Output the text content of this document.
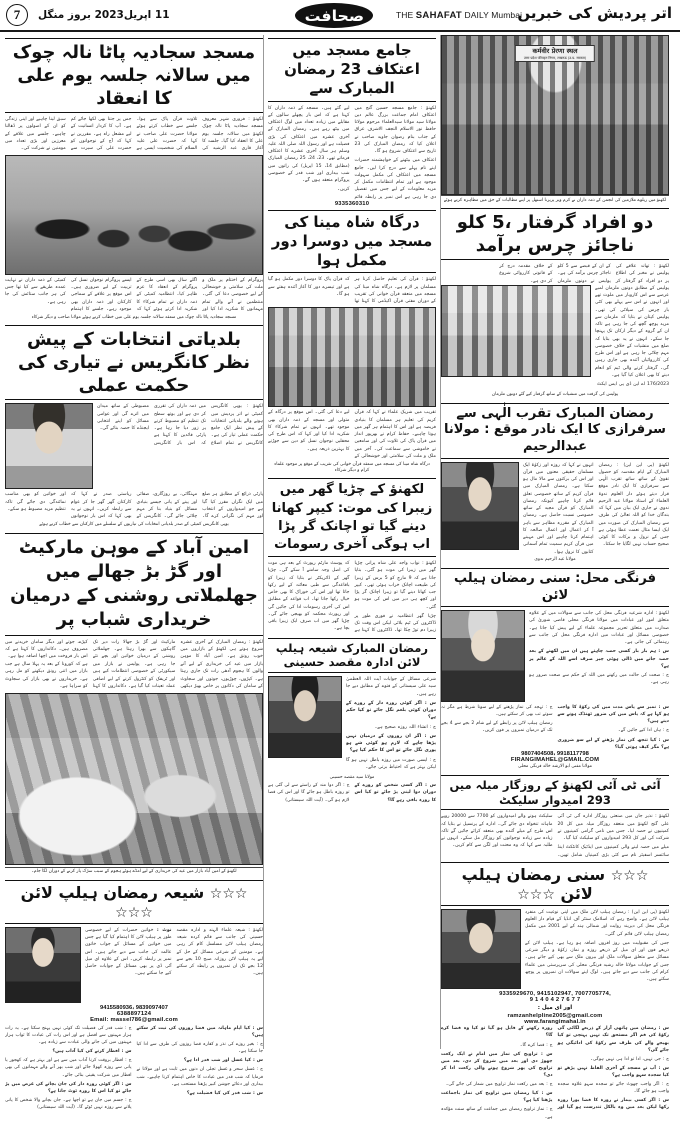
7	11 اپریل2023 بروز منگل	صحافت	THE SAHAFAT DAILY Mumbai
اتر پردیش کی خبریں
مسجد سجادیہ پاٹا نالہ چوک میں سالانہ جلسہ یوم علی کا انعقاد

لکھنؤ : فروری شہر معروف مسجد سجادیہ پاٹا نالہ چوک لکھنؤ میں سالانہ جلسہ یوم علی کا انعقاد کیا گیا۔ جلسہ کا آغاز قاری عبد الرشید کی تلاوت قرآن پاک سے ہوا۔ جلسے سے خطاب کرتے ہوئے مولانا حضرت علی صاحب نے کہا کہ حضرت علی علیہ السلام کی شخصیت ایسی ہے جس پر جتنا بھی لکھا جائے کم ہے۔ آپ کا کردار انسانیت کے لیے مشعل راہ ہے۔ مقررین نے کہا کہ آج کے نوجوانوں کو حضرت علی کی سیرت سے سبق لینا چاہیے اور اپنی زندگی کو ان کے اصولوں پر ڈھالنا چاہیے۔ جلسے میں علاقے کے معززین اور بڑی تعداد میں مومنین نے شرکت کی۔

پروگرام کے اختتام پر ملک و ملت کی سلامتی و خوشحالی کے لیے خصوصی دعا کی گئی۔ منتظمین نے آنے والے تمام مہمانوں کا شکریہ ادا کیا اور اگلے سال بھی اسی طرح کے پروگرام کے انعقاد کا عزم ظاہر کیا۔ انتظامیہ کمیٹی کے ذمہ داران نے تمام شرکاء کا شکریہ ادا کرتے ہوئے کہا کہ ایسے پروگرام نوجوان نسل کی تربیت کے لیے ضروری ہیں۔ اس موقع پر علاقے کے سماجی کارکنان اور ذمہ داران بھی موجود رہے۔ جلسے کا اہتمام کمیٹی کے ذمہ داران نے نہایت عمدہ طریقے سے کیا تھا جس کی ہر جانب ستائش کی جا رہی ہے۔

مسجد سجادیہ پاٹا نالہ چوک میں منعقد سالانہ جلسہ یوم علی میں خطاب کرتے ہوئے مولانا صاحب و دیگر شرکاء
بلدیاتی انتخابات کے پیش نظر کانگریس نے تیاری کی حکمت عملی

لکھنؤ : یوپی کانگریس کمیٹی نے اتر پردیش میں ہونے والے بلدیاتی انتخابات کے پیش نظر ایک جامع حکمت عملی تیار کی ہے۔ کانگریس نے تمام اضلاع میں ذمہ داران کی تقرری کر دی ہے اور بوتھ سطح تک تنظیم کو مضبوط کرنے پر زور دیا جا رہا ہے۔ پارٹی قائدین کا کہنا ہے کہ اس بار کانگریس مضبوطی کے ساتھ میدان میں اترے گی اور عوامی مسائل کو اپنے انتخابی ایجنڈے کا حصہ بنائے گی۔

پارٹی ذرائع کے مطابق ہر ضلع میں ایک نگراں مقرر کیا گیا ہے جو امیدواروں کے انتخاب اور مہم کی نگرانی کرے گا۔ مہنگائی، بے روزگاری، صفائی اور پینے کے پانی جیسے بنیادی مسائل کو بنیاد بنا کر مہم چلائی جائے گی۔ کانگریس کے ریاستی صدر نے کہا کہ کارکنان گھر گھر جا کر عوام سے رابطہ کریں۔ انہوں نے یہ بھی کہا کہ اس بار نوجوانوں اور خواتین کو بھی مناسب نمائندگی دی جائے گی تاکہ تنظیم مزید مضبوط ہو سکے۔

یوپی کانگریس کمیٹی کے صدر بلدیاتی انتخابات کی تیاریوں کے سلسلے میں کارکنان سے خطاب کرتے ہوئے
امین آباد کے موہن مارکیٹ اور گڑ بڑ جھالے میں جھلملاتی روشنی کے درمیان خریداری شباب پر

لکھنؤ : رمضان المبارک کے آخری عشرہ شروع ہوتے ہی لکھنؤ کے بازاروں میں خوب رونق ہے۔ امین آباد کا موہن مارکیٹ اور گڑ بڑ جھالا رات دیر تک گاہکوں سے بھرا رہتا ہے۔ جھلملاتی روشنی کے درمیان خواتین اور بچے نئے کپڑے، جوتے اور دیگر سامان خریدنے میں مصروف ہیں۔ دکانداروں کا کہنا ہے کہ اس بار فروخت میں اچھا اضافہ ہوا ہے۔

بازار میں عید کی خریداری کے لیے آنے والوں کا ہجوم آدھی رات تک جاری رہتا ہے۔ کپڑوں، چوڑیوں، جوتوں اور سجاوٹ کے سامان کی دکانوں پر خاص بھیڑ دیکھی جا رہی ہے۔ پولیس نے بازار میں سیکورٹی کے خصوصی انتظامات کیے ہیں اور ٹریفک کو کنٹرول کرنے کے لیے اضافی عملہ تعینات کیا گیا ہے۔ دکانداروں کا کہنا ہے کہ کورونا کے بعد یہ پہلا سال ہے جب بازار میں اتنی رونق دیکھنے کو مل رہی ہے۔ خریداروں نے بھی بازار کی سجاوٹ کو سراہا ہے۔

لکھنؤ کے امین آباد بازار میں عید کی خریداری کے لیے امڈے ہوئے ہجوم کے سبب سڑک پار کرنے کے دوران لگا جام۔
☆☆☆ شیعہ رمضان ہیلپ لائن ☆☆☆

لکھنؤ : شیعہ علماء الہند و ادارہ مقصد حسینی کی جانب سے قائم کردہ شیعہ رمضان ہیلپ لائن مسلسل کام کر رہی ہے۔ مومنین کے شرعی مسائل کے حل کے لیے یہ ہیلپ لائن روزانہ صبح 10 بجے سے 12 بجے تک ان نمبروں پر رابطہ کر سکتے ہیں۔

نوٹ : خواتین حضرات کے لیے خصوصی طور پر ہیلپ لائن کا اہتمام کیا گیا ہے جس میں خواتین کے مسائل کے جواب خاتون عالمہ کی جانب سے دیے جاتے ہیں۔ اس نمبر پر رابطہ کریں۔ اس کے علاوہ ای میل آئی ڈی پر بھی مسائل کے جوابات حاصل کیے جا سکتے ہیں۔

9415580936، 9839097407
6388897124
Email: massel786@gmail.com

س : کیا ایام ماہانہ میں قضا روزوں کی نیت کر سکتے ہیں؟

ج : بغیر روزے کی نذر و کفارہ قضا روزوں کی طرف سے ادا کیا جا سکتا ہے۔

س : کیا غسل اور شب قدر ادا ہے؟

ج : غسل سحر و غسل تجلی ان دنوں میں ثابت ہے اور مولانا نے فرمایا کہ شب قدر میں عبادت کا خاص اہتمام کرنا چاہیے۔ شب بیداری اور دعائے جوشن کبیر پڑھنا مستحب ہے۔

س : شب قدر کی کیا فضیلت ہے؟

ج : شب قدر کی فضیلت تک کوئی نہیں پہنچ سکتا ہے۔ یہ رات ہزار مہینوں سے افضل ہے اور اس رات کی عبادت کا ثواب ہزار مہینوں میں کی جانے والی عبادت سے زیادہ ہے۔

س : افطار کرنے کی کیا آداب ہیں؟

ج : افطار بروقت کرنا آداب میں سے ہے اور بہتر ہے کہ کھجور یا پانی سے روزہ کھولا جائے اور شب بھر آنے والے مہمانوں کی بھی افطار میں شرکت یقینی بنائی جائے۔

س : اگر کوئی روزہ دار کی جان بچانے کی غرض میں پڑ جائے تو کیا اس کا روزہ ٹوٹ جاتا ہے؟

ج : جسم میں جان ہے تو اچھا ہے۔ جان بچانے والا شخص کا پانی پلانے سے روزہ نہیں ٹوٹے گا۔ (آیت اللہ سیستانی)

جامع مسجد میں اعتکاف 23 رمضان المبارک سے

لکھنؤ : جامع مسجد حسین گنج میں اعتکاف امام جماعت بزرگ عالم دین مولانا سید مولانا سیدالعلماء مرحوم مولانا حافظ نور الاسلام النجف الاشرف عراق کے جناب بنام رضوان جاوید صاحب نے اعلان کیا کہ رمضان المبارک کی 23 تاریخ سے اعتکاف شروع ہو گا۔

اعتکاف میں بیٹھنے کے خواہشمند حضرات اپنے نام پہلے سے درج کرا لیں۔ جامع مسجد میں اعتکاف کی مکمل سہولت موجود ہے اور تمام انتظامات مکمل کر لیے گئے ہیں۔ مسجد کے ذمہ داران کا کہنا ہے کہ اس بار پچھلے سالوں کے مقابلے میں زیادہ تعداد میں لوگ اعتکاف میں بیٹھ رہے ہیں۔ رمضان المبارک کے آخری عشرہ میں اعتکاف کی بڑی فضیلت ہے اور رسول اللہ صلی اللہ علیہ وسلم ہر سال آخری عشرے کا اعتکاف فرماتے تھے۔ 23، 24، 25 رمضان المبارک (مطابق 14، 15 اپریل) کی راتوں میں شب بیداری اور شب قدر کے خصوصی پروگرام منعقد ہوں گے۔

مزید معلومات کے لیے جس میں تفصیل دی جا رہی ہے اس نمبر پر رابطہ قائم کریں۔

9335360310
درگاہ شاہ مینا کی مسجد میں دوسرا دور مکمل ہوا

لکھنؤ : قرآن کی تعلیم حاصل کرنا ہر مسلمان پر لازم ہے۔ درگاہ شاہ مینا کی مسجد میں منعقد قرآن خوانی کی تقریب کے دوران مفتی قرآن اکیڈمی کا کہنا تھا کہ قرآن پاک کا دوسرا دور مکمل ہو گیا ہے اور تیسرے دور کا آغاز آئندہ ہفتے سے ہو گا۔

تقریب میں شریک علماء نے کہا کہ قرآن کریم کی تعلیم ہر مسلمان کا بنیادی فریضہ ہے اور اس کا اہتمام ہر گھر میں ہونا چاہیے۔ حفاظ کرام نے بھرپور انداز میں قرآن پاک کی تلاوت کی اور سامعین نے خاموشی سے سماعت کی۔ آخر میں ملک و ملت کی سلامتی اور خوشحالی کے لیے دعا کی گئی۔ اس موقع پر درگاہ کے متولی اور مسجد کے ذمہ داران بھی موجود تھے۔ انہوں نے تمام شرکاء کا شکریہ ادا کیا اور کہا کہ اس طرح کی محفلیں نوجوان نسل کو دین سے جوڑنے کا بہترین ذریعہ ہیں۔

درگاہ شاہ مینا کی مسجد میں منعقد قرآن خوانی کی تقریب کے موقع پر موجود علماء کرام و دیگر شرکاء
لکھنؤ کے چڑیا گھر میں زیبرا کی موت: کیپر کھانا دینے گیا تو اچانک گر پڑا اب ہوگی آخری رسومات

لکھنؤ : نواب واجد علی شاہ پرانی چڑیا گھر میں زیبرا کی موت ہو گئی۔ بتایا جاتا ہے کہ 9 مارچ کو 5 برس کے زیبرا کی طبیعت اچانک خراب ہوئی تھی۔ کیپر جب کھانا دینے گیا تو زیبرا اچانک گر پڑا اور کچھ ہی دیر میں اس کی موت ہو گئی۔

چڑیا گھر انتظامیہ نے فوری طور پر ڈاکٹروں کی ٹیم بلائی لیکن اس وقت تک زیبرا دم توڑ چکا تھا۔ ڈاکٹروں کا کہنا ہے کہ پوسٹ مارٹم رپورٹ کے بعد ہی موت کی اصل وجہ سامنے آ سکے گی۔ چڑیا گھر کے ڈائریکٹر نے بتایا کہ زیبرا کو باقاعدگی سے طبی معائنہ کے لیے رکھا جاتا تھا اور اس کی خوراک کا بھی خاص خیال رکھا جاتا تھا۔ اب قواعد کے مطابق اس کی آخری رسومات ادا کی جائیں گی اور رپورٹ محکمہ کو بھیجی جائے گی۔ چڑیا گھر میں اب صرف ایک زیبرا باقی بچا ہے۔

رمضان المبارک شیعہ ہیلپ لائن ادارہ مقصد حسینی

شرعی مسائل کے جوابات آیت اللہ العظمیٰ سید علی سیستانی کے فتوے کے مطابق دیے جا رہے ہیں۔

س : اگر کوئی روزہ دار کے روزے کے دوران کوئی بلغم نگل جائے تو کیا حکم ہے؟

ج : انشاء اللہ روزہ صحیح ہے۔

س : اگر ان روزوں کے درمیان نہیں پڑھا چاہے کہ لازم ہو کوئی شے ہو پوری نگل جائے تو اس کا حکم کیا ہے؟

ج : ایسی صورت میں روزہ باطل نہیں ہو گا لیکن بہتر ہے کہ احتیاط برتی جائے۔

مولانا سید مقصد حسینی

س : اگر کسی شخص کو روزے کے دوران دوا لینی پڑ جائے تو کیا اس کا روزہ باقی رہے گا؟

ج : اگر دوا منہ کے راستے سے لی گئی ہے تو روزہ باطل ہو جائے گا اور اس کی قضا لازم ہو گی۔ (آیت اللہ سیستانی)

कर्मवीर प्रेरणा स्थल
उत्तर प्रदेश परिवहन निगम, लखनऊ (उ.प्र. सरकार)
لکھنؤ میں ریلوے ملازمین کی انجمن کے ذمہ داران نے کرم ویر پریرنا استھل پر اپنے مطالبات کے حق میں مظاہرہ کرتے ہوئے
دو افراد گرفتار ،5 کلو ناجائز چرس برآمد

لکھنؤ : تھانہ علاقے کی پولیس نے مخبر کی اطلاع پر دو افراد کو گرفتار کر کے ان کے قبضے سے 5 کلو ناجائز چرس برآمد کی ہے۔ پولیس نے دونوں ملزمان کے خلاف مقدمہ درج کر کے قانونی کارروائی شروع کر دی ہے۔

پولیس کے مطابق دونوں ملزمان لمبے عرصے سے اس کاروبار میں ملوث تھے اور انہوں نے اس سے پہلے بھی کئی بار چرس کی سپلائی کی تھی۔ پولیس کپتان نے بتایا کہ ملزمان سے مزید پوچھ گچھ کی جا رہی ہے تاکہ ان کے گروہ کے دیگر ارکان تک پہنچا جا سکے۔ انہوں نے یہ بھی بتایا کہ ضلع میں منشیات کے خلاف خصوصی مہم چلائی جا رہی ہے اور اس طرح کی کارروائیاں آئندہ بھی جاری رہیں گی۔ گرفتار کرنے والی ٹیم کو انعام دینے کا بھی اعلان کیا گیا ہے۔

176/2023 اے این ڈی پی ایس ایکٹ

پولیس کی گرفت میں منشیات کے ساتھ گرفتار کیے گئے دونوں ملزمان
رمضان المبارک تقرب الٰہی سے سرفرازی کا ایک نادر موقع : مولانا عبدالرحیم

لکھنؤ (پی این این) : رمضان المبارک کے ایام مقدسہ کو حصول تقویٰ کے ساتھ ساتھ تقرب الٰہی سے سرفرازی کا ایک نادر موقع قرار دیتے ہوئے دار العلوم ندوۃ العلماء کے استاذ مولانا عبد الرحیم ندوی نے جاری ایک بیان میں کہا کہ بندگان خدا کو اللہ تعالیٰ کی طرف سے رمضان المبارک کی صورت میں ایک ایسا مثال نعمت عطا ہوئی ہے جس کے نزول و برکات کا کوئی صحیح حساب نہیں لگایا جا سکتا۔

انہوں نے کہا کہ روزہ اور زکوٰۃ ایک مسلمان حقیقی معنوں میں قرآن اور اس کی برکتوں سے مالا مال ہو سکتا ہے۔ رمضان المبارک میں قرآن کریم کے ساتھ خصوصی تعلق قائم کرنا چاہیے کیونکہ رمضان المبارک کو قرآن مجید کے ساتھ خصوصی نسبت حاصل ہے۔ رمضان المبارک کے مقررہ مظاہر سے باہر آ کر اعمال اور اعمال صالحہ کا اہتمام کرنا چاہیے اور اس مہینے میں قرآن کریم سمیت تمام آسمانی کتابوں کا نزول ہوا۔

مولانا عبد الرحیم ندوی
فرنگی محل: سنی رمضان ہیلپ لائن

لکھنؤ : ادارہ شرعیہ فرنگی محل کی جانب سے سوالات میں کے علاوہ متعلق امور اور عبادات میں مولانا فرنگی محلی قاضی شوریٰ کی صدارت میں متعلق تحریر مجموعہ علماء کے لیے پیش کیا جاتا ہے۔ خصوصی مسائل اور عبادات میں ادارہ فرنگی محل کی جانب سے رہنمائی کی جاتی ہے۔

س : ہم بار بار کسی حصہ چاہتے ہیں ان میں لکھنے کے بعد حصہ جانے میں ڈالی ہوئی چیز صرف اسے اللہ کے عالم پر ہے؟

ج : صحت کی حالت میں رکھنے میں اللہ کے حکم سے صحت ضرور ہو رہی ہے۔

س : نمبر سے پاس مدت میں کی زکوٰۃ کا واجب ہو کہا ہے کہ پاس میں کی ضرور ٹھنڈک ہونے سے دینے ہیں؟

ج : ہاں ادا کیے جائیں گے۔

س : کیا تنجھ کی نماز پڑھنے کے لیے سو ضروری ہے؟ مگر کیف ہوتی گیا؟

ج : تہجد کی نماز پڑھنے کے لیے سونا شرط ہے مگر نہ سوتے تب بھی کر سکتے ہیں۔

رمضان ہیلپ لائن پر رابطے کے لیے شام 2 بجے سے 4 بجے تک کے درمیان نمبروں پر فون کریں۔

9807404508، 9918117798
FIRANGIMAHEL@GMAIL.COM
مولانا مفتی ابو الارشد خالد فرنگی محلی
آئی ٹی آئی لکھنؤ کے روزگار میلہ میں 293 امیدوار سلیکٹ

لکھنؤ : نذیر جاں میں صنعتی روزگار ادارہ آئی ٹی آئی علی گنج لکھنؤ میں منعقد روزگار میلہ میں کل 20 کمپنیوں نے حصہ لیا۔ جس میں نامی گرامی کمپنیوں نے شرکت کی اور کل 293 امیدواروں کو سلیکٹ کیا گیا۔

میلے میں حصہ لینے والی کمپنیوں میں ایڈٹیک کانٹکٹ اینڈ سائنسز اسفیئر نام سے کئی بڑی کمپنیاں شامل تھیں۔ سلیکٹ ہونے والے امیدواروں کو 7700 سے 20000 روپے ماہانہ تنخواہ دی جائے گی۔ ادارہ کے پرنسپل نے بتایا کہ اس طرح کے میلے آئندہ بھی منعقد کرائے جائیں گے تاکہ زیادہ سے زیادہ نوجوانوں کو روزگار مل سکے۔ انہوں نے طلبہ سے کہا کہ وہ محنت اور لگن سے کام کریں۔

☆☆☆ سنی رمضان ہیلپ لائن ☆☆☆

لکھنؤ (پی این این) : رمضان ہیلپ لائن ملک میں اپنی نوعیت کی منفرد ہیلپ لائن ہے۔ واضح رہے کہ اسلامک سنٹر آف انڈیا کے قیام دار العلوم فرنگی محل کی دیرینہ روایت اور شمالی ہند کے لیے 2001 میں مکمل رمضان ہیلپ لائن قائم کی گئی۔

جس کی مقبولیت میں روز افزوں اضافہ ہو رہا ہے۔ ہیلپ لائن کے ذریعے فون اور ای میل کے ذریعے روزہ و نماز، زکوٰۃ و دیگر شرعی مسائل سے متعلق سوالات ملک اور بیرون ملک سے بھی کیے جاتے ہیں۔ جس کے جوابات مولانا خالد رشید فرنگی محلی کی سرپرستی میں علماء کرام کی جانب سے دیے جاتے ہیں۔ لوگ اپنے سوالات ان نمبروں پر پوچھ سکتے ہیں۔

9335929670, 9415102947, 7007705774,
9 1 4 0 4 2 7 6 7 7
اور ای میل :
ramzanhelpline2005@gmail.com
www.farangimahal.in

س : رمضان میں ہاتھی آزار کے ذریعے لگائی گی زکوٰۃ کی قم اگر مستحق تک نہیں پہنچی تو کیا بھیجے والے کی طرف سے زکوٰۃ کی ادائیگی ہو جائے گی؟

ج : جی نہیں، ادا تو ادا ہی نہیں ہوگی۔

س : آپ نے مسجد کے آخری الفاظ نہیں پڑھے تو کیا سجدہ سہو واجب ہے؟

ج : اگر واجب چھوٹ جائے تو سجدہ سہو علاوہ سجدہ واجب ہو جائے گا۔

س : اگر کسی بیمار نے روزہ کا قضا پورا روزہ رکھا لیکن بعد میں وہ بالکل تندرست ہو گیا اور روزہ رکھنے کے قابل ہو گیا تو کیا وہ قضا کرے گا؟

ج : قضا کرے گا۔

س : تراویح کی نماز میں امام نے ایک رکعت چھوڑ دی اور بعد میں شروع کر دی، بعد میں تراویح کی پھر شروع ہونے والی رکعت ادا کر دی؟

ج : بعد میں رکعت نماز تراویح میں شمار کی جائے گی۔

س : کیا رمضان میں تراویح کی نماز باجماعت پڑھنا کیا ہے؟

ج : نماز تراویح رمضان میں جماعت کے ساتھ سنت مؤکدہ ہے۔
